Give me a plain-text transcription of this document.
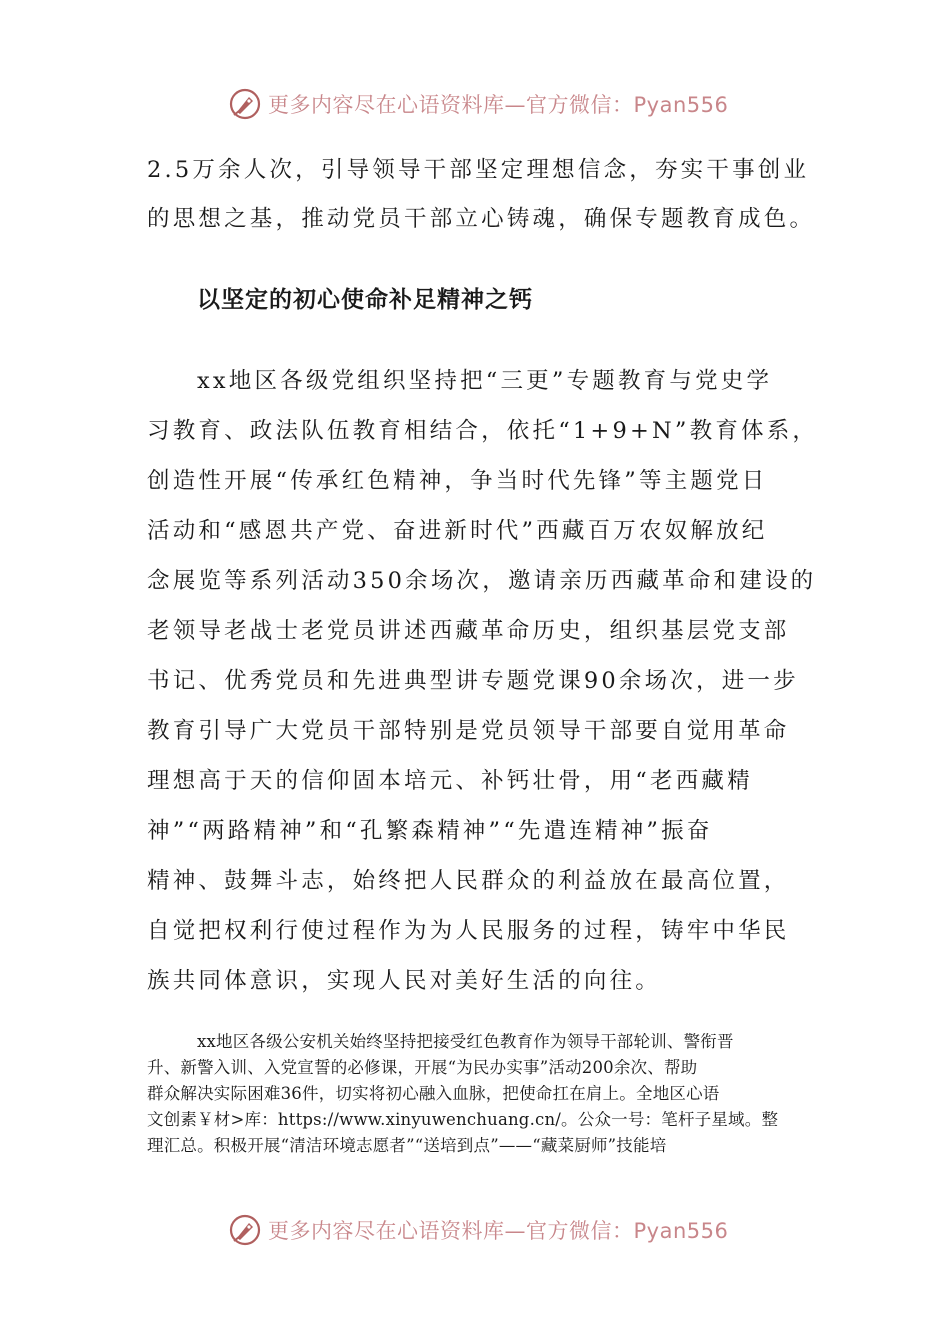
更多内容尽在心语资料库—官方微信：Pyan556
2.5万余人次，引导领导干部坚定理想信念，夯实干事创业
的思想之基，推动党员干部立心铸魂，确保专题教育成色。
以坚定的初心使命补足精神之钙
xx地区各级党组织坚持把“三更”专题教育与党史学
习教育、政法队伍教育相结合，依托“1+9+N”教育体系，
创造性开展“传承红色精神，争当时代先锋”等主题党日
活动和“感恩共产党、奋进新时代”西藏百万农奴解放纪
念展览等系列活动350余场次，邀请亲历西藏革命和建设的
老领导老战士老党员讲述西藏革命历史，组织基层党支部
书记、优秀党员和先进典型讲专题党课90余场次，进一步
教育引导广大党员干部特别是党员领导干部要自觉用革命
理想高于天的信仰固本培元、补钙壮骨，用“老西藏精
神”“两路精神”和“孔繁森精神”“先遣连精神”振奋
精神、鼓舞斗志，始终把人民群众的利益放在最高位置，
自觉把权利行使过程作为为人民服务的过程，铸牢中华民
族共同体意识，实现人民对美好生活的向往。
xx地区各级公安机关始终坚持把接受红色教育作为领导干部轮训、警衔晋
升、新警入训、入党宣誓的必修课，开展“为民办实事”活动200余次、帮助
群众解决实际困难36件，切实将初心融入血脉，把使命扛在肩上。全地区心语
文创素￥材>库：https://www.xinyuwenchuang.cn/。公众一号：笔杆子星域。整
理汇总。积极开展“清洁环境志愿者”“送培到点”——“藏菜厨师”技能培
更多内容尽在心语资料库—官方微信：Pyan556
